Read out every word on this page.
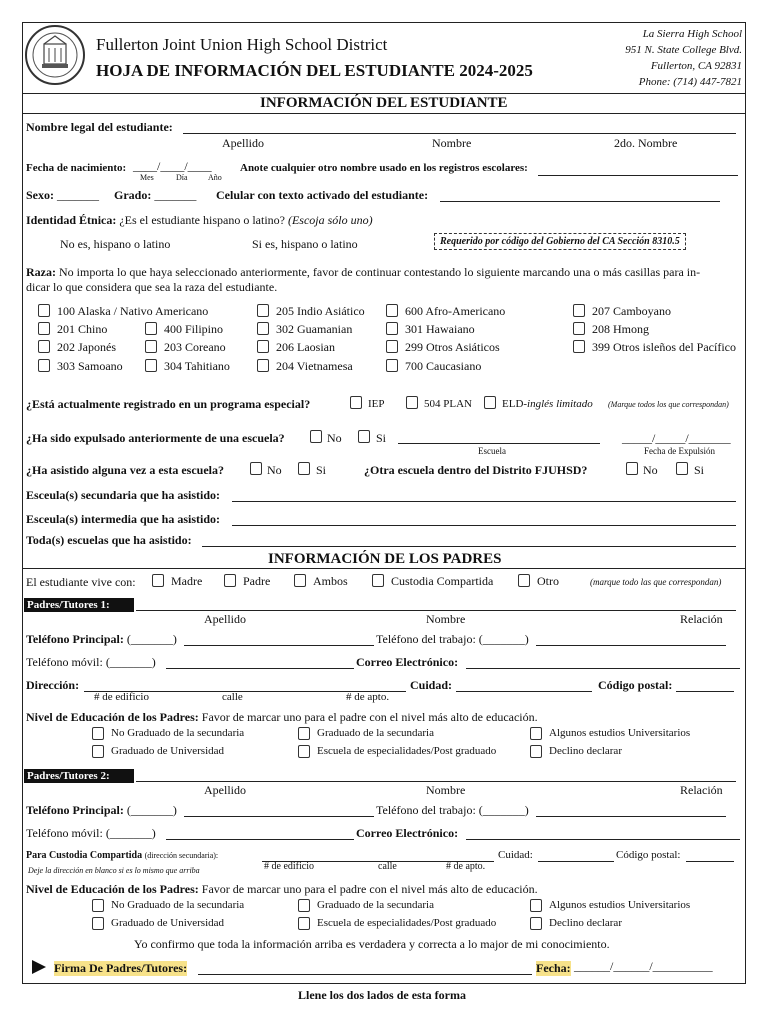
Fullerton Joint Union High School District
HOJA DE INFORMACIÓN DEL ESTUDIANTE 2024-2025
La Sierra High School
951 N. State College Blvd.
Fullerton, CA 92831
Phone: (714) 447-7821
INFORMACIÓN DEL ESTUDIANTE
Nombre legal del estudiante:
Apellido	Nombre	2do. Nombre
Fecha de nacimiento: ____/____/____
Mes	Día	Año
Anote cualquier otro nombre usado en los registros escolares:
Sexo: _______ Grado: _______ Celular con texto activado del estudiante:
Identidad Étnica: ¿Es el estudiante hispano o latino? (Escoja sólo uno)
No es, hispano o latino	Si es, hispano o latino	Requerido por código del Gobierno del CA Sección 8310.5
Raza: No importa lo que haya seleccionado anteriormente, favor de continuar contestando lo siguiente marcando una o más casillas para in-
dicar lo que considera que sea la raza del estudiante.
100 Alaska / Nativo Americano	205 Indio Asiático	600 Afro-Americano	207 Camboyano
201 Chino	400 Filipino	302 Guamanian	301 Hawaiano	208 Hmong
202 Japonés	203 Coreano	206 Laosian	299 Otros Asiáticos	399 Otros isleños del Pacífico
303 Samoano	304 Tahitiano	204 Vietnamesa	700 Caucasiano
¿Está actualmente registrado en un programa especial?	IEP	504 PLAN	ELD-inglés limitado (Marque todos los que correspondan)
¿Ha sido expulsado anteriormente de una escuela?	No	Si
Escuela
_____/_____/_______
Fecha de Expulsión
¿Ha asistido alguna vez a esta escuela?	No	Si	¿Otra escuela dentro del Distrito FJUHSD?	No	Si
Esceula(s) secundaria que ha asistido:
Esceula(s) intermedia que ha asistido:
Toda(s) escuelas que ha asistido:
INFORMACIÓN DE LOS PADRES
El estudiante vive con:	Madre	Padre	Ambos	Custodia Compartida	Otro	(marque todo las que correspondan)
Padres/Tutores 1:
Apellido	Nombre	Relación
Teléfono Principal: (_______)	Teléfono del trabajo: (_______)
Teléfono móvil: (_______)	Correo Electrónico:
Dirección:	Cuidad:	Código postal:
# de edificio	calle	# de apto.
Nivel de Educación de los Padres: Favor de marcar uno para el padre con el nivel más alto de educación.
No Graduado de la secundaria	Graduado de la secundaria	Algunos estudios Universitarios
Graduado de Universidad	Escuela de especialidades/Post graduado	Declino declarar
Padres/Tutores 2:
Apellido	Nombre	Relación
Teléfono Principal: (_______)	Teléfono del trabajo: (_______)
Teléfono móvil: (_______)	Correo Electrónico:
Para Custodia Compartida (dirección secundaria):
Deje la dirección en blanco si es lo mismo que arriba	# de edificio	calle	# de apto.
Cuidad:	Código postal:
Nivel de Educación de los Padres: Favor de marcar uno para el padre con el nivel más alto de educación.
No Graduado de la secundaria	Graduado de la secundaria	Algunos estudios Universitarios
Graduado de Universidad	Escuela de especialidades/Post graduado	Declino declarar
Yo confirmo que toda la información arriba es verdadera y correcta a lo major de mi conocimiento.
Firma De Padres/Tutores:	Fecha: ______/______/__________
Llene los dos lados de esta forma
